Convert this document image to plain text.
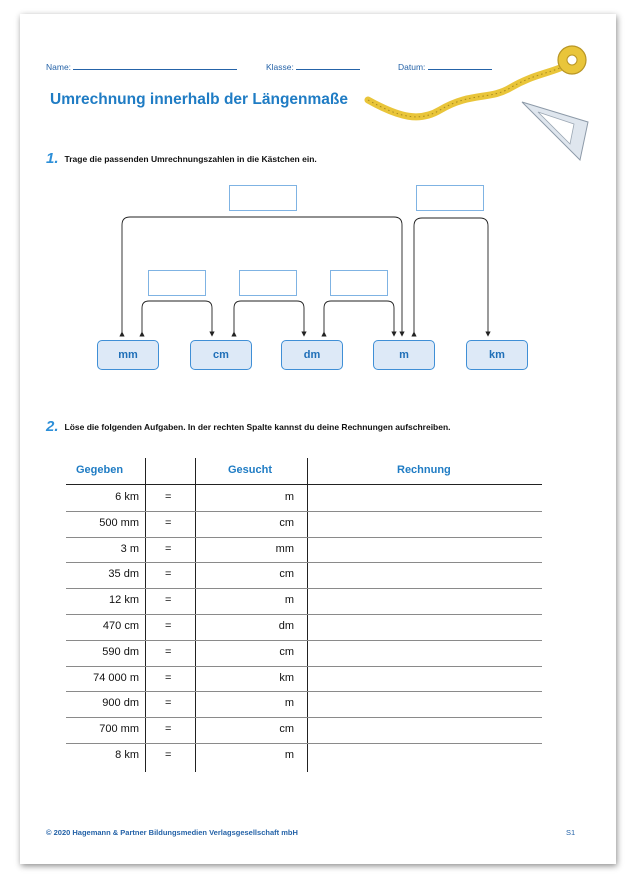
Name:	Klasse:	Datum:
Umrechnung innerhalb der Längenmaße
1. Trage die passenden Umrechnungszahlen in die Kästchen ein.
mm	cm	dm	m	km
2. Löse die folgenden Aufgaben. In der rechten Spalte kannst du deine Rechnungen aufschreiben.
Gegeben	Gesucht	Rechnung
6 km =	m
500 mm =	cm
3 m =	mm
35 dm =	cm
12 km =	m
470 cm =	dm
590 dm =	cm
74 000 m =	km
900 dm =	m
700 mm =	cm
8 km =	m
© 2020 Hagemann & Partner Bildungsmedien Verlagsgesellschaft mbH	S1
